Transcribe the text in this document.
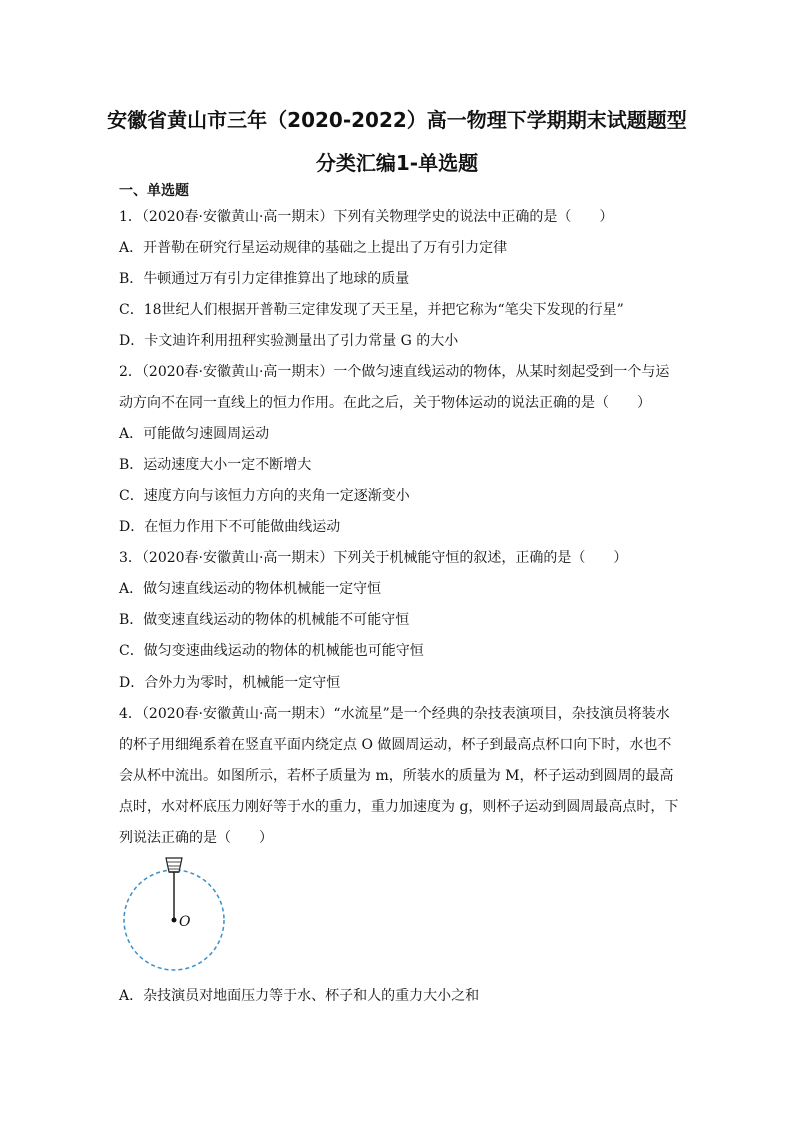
安徽省黄山市三年（2020-2022）高一物理下学期期末试题题型
分类汇编1-单选题
一、单选题
1．（2020春·安徽黄山·高一期末）下列有关物理学史的说法中正确的是（　　）
A．开普勒在研究行星运动规律的基础之上提出了万有引力定律
B．牛顿通过万有引力定律推算出了地球的质量
C．18世纪人们根据开普勒三定律发现了天王星，并把它称为“笔尖下发现的行星”
D．卡文迪许利用扭秤实验测量出了引力常量 G 的大小
2．（2020春·安徽黄山·高一期末）一个做匀速直线运动的物体，从某时刻起受到一个与运
动方向不在同一直线上的恒力作用。在此之后，关于物体运动的说法正确的是（　　）
A．可能做匀速圆周运动
B．运动速度大小一定不断增大
C．速度方向与该恒力方向的夹角一定逐渐变小
D．在恒力作用下不可能做曲线运动
3．（2020春·安徽黄山·高一期末）下列关于机械能守恒的叙述，正确的是（　　）
A．做匀速直线运动的物体机械能一定守恒
B．做变速直线运动的物体的机械能不可能守恒
C．做匀变速曲线运动的物体的机械能也可能守恒
D．合外力为零时，机械能一定守恒
4．（2020春·安徽黄山·高一期末）“水流星”是一个经典的杂技表演项目，杂技演员将装水
的杯子用细绳系着在竖直平面内绕定点 O 做圆周运动，杯子到最高点杯口向下时，水也不
会从杯中流出。如图所示，若杯子质量为 m，所装水的质量为 M，杯子运动到圆周的最高
点时，水对杯底压力刚好等于水的重力，重力加速度为 g，则杯子运动到圆周最高点时，下
列说法正确的是（　　）
O
A．杂技演员对地面压力等于水、杯子和人的重力大小之和
